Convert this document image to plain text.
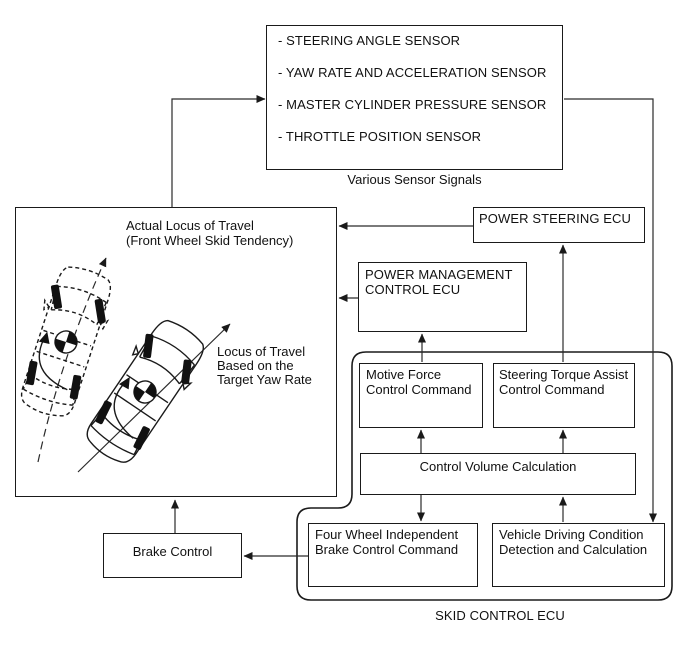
- STEERING ANGLE SENSOR
- YAW RATE AND ACCELERATION SENSOR
- MASTER CYLINDER PRESSURE SENSOR
- THROTTLE POSITION SENSOR
Various Sensor Signals
Actual Locus of Travel
(Front Wheel Skid Tendency)
Locus of Travel
Based on the
Target Yaw Rate
POWER STEERING ECU
POWER MANAGEMENT
CONTROL ECU
Motive Force
Control Command
Steering Torque Assist
Control Command
Control Volume Calculation
Four Wheel Independent
Brake Control Command
Vehicle Driving Condition
Detection and Calculation
SKID CONTROL ECU
Brake Control
